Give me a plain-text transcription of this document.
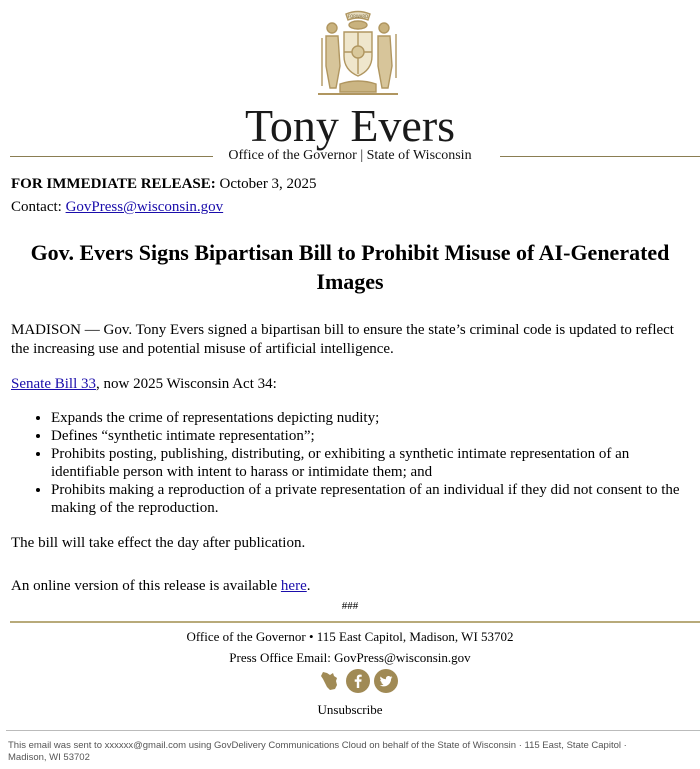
FORWARD
Tony Evers
Office of the Governor | State of Wisconsin
FOR IMMEDIATE RELEASE: October 3, 2025
Contact: GovPress@wisconsin.gov
Gov. Evers Signs Bipartisan Bill to Prohibit Misuse of AI-Generated Images
MADISON — Gov. Tony Evers signed a bipartisan bill to ensure the state’s criminal code is updated to reflect the increasing use and potential misuse of artificial intelligence.
Senate Bill 33, now 2025 Wisconsin Act 34:
• Expands the crime of representations depicting nudity;
• Defines “synthetic intimate representation”;
• Prohibits posting, publishing, distributing, or exhibiting a synthetic intimate representation of an identifiable person with intent to harass or intimidate them; and
• Prohibits making a reproduction of a private representation of an individual if they did not consent to the making of the reproduction.
The bill will take effect the day after publication.
An online version of this release is available here.
###
Office of the Governor • 115 East Capitol, Madison, WI 53702
Press Office Email: GovPress@wisconsin.gov
Unsubscribe
This email was sent to xxxxxx@gmail.com using GovDelivery Communications Cloud on behalf of the State of Wisconsin · 115 East, State Capitol · Madison, WI 53702
